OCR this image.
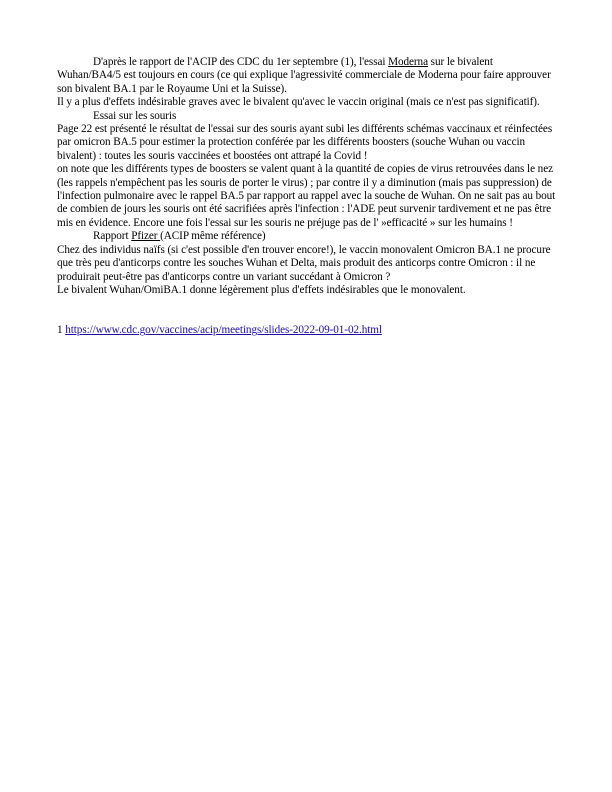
D'après le rapport de l'ACIP des CDC du 1er septembre (1), l'essai Moderna sur le bivalent Wuhan/BA4/5 est toujours en cours (ce qui explique l'agressivité commerciale de Moderna pour faire approuver son bivalent BA.1 par le Royaume Uni et la Suisse).

Il y a plus d'effets indésirable graves avec le bivalent qu'avec le vaccin original (mais ce n'est pas significatif).

Essai sur les souris

Page 22 est présenté le résultat de l'essai sur des souris ayant subi les différents schémas vaccinaux et réinfectées par omicron BA.5 pour estimer la protection conférée par les différents boosters (souche Wuhan ou vaccin bivalent) : toutes les souris vaccinées et boostées ont attrapé la Covid !

on note que les différents types de boosters se valent quant à la quantité de copies de virus retrouvées dans le nez (les rappels n'empêchent pas les souris de porter le virus) ; par contre il y a diminution (mais pas suppression) de l'infection pulmonaire avec le rappel BA.5 par rapport au rappel avec la souche de Wuhan. On ne sait pas au bout de combien de jours les souris ont été sacrifiées après l'infection : l'ADE peut survenir tardivement et ne pas être mis en évidence. Encore une fois l'essai sur les souris ne préjuge pas de l' »efficacité » sur les humains !

Rapport Pfizer (ACIP même référence)

Chez des individus naïfs (si c'est possible d'en trouver encore!), le vaccin monovalent Omicron BA.1 ne procure que très peu d'anticorps contre les souches Wuhan et Delta, mais produit des anticorps contre Omicron : il ne produirait peut-être pas d'anticorps contre un variant succédant à Omicron ?

Le bivalent Wuhan/OmiBA.1 donne légèrement plus d'effets indésirables que le monovalent.

1 https://www.cdc.gov/vaccines/acip/meetings/slides-2022-09-01-02.html
